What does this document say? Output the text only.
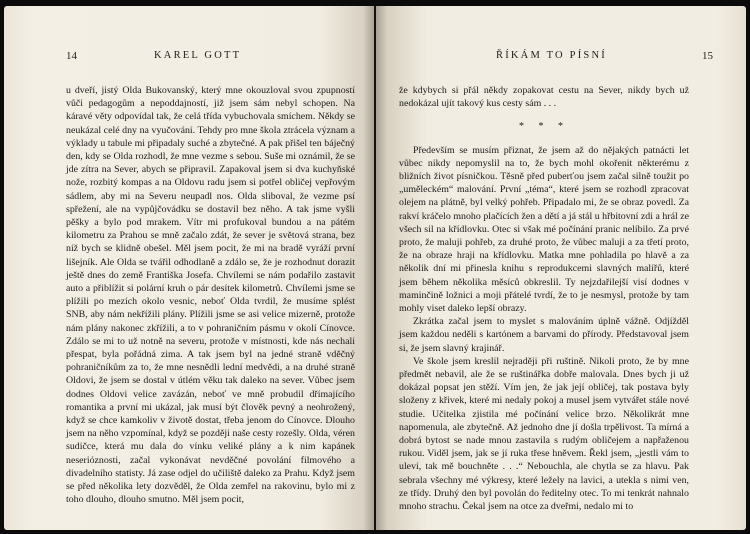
14	KAREL GOTT

u dveří, jistý Olda Bukovanský, který mne okouzloval svou zpupností vůči pedagogům a nepoddajností, již jsem sám nebyl schopen. Na káravé věty odpovídal tak, že celá třída vybuchovala smíchem. Někdy se neukázal celé dny na vyučování. Tehdy pro mne škola ztrácela význam a výklady u tabule mi připadaly suché a zbytečné. A pak přišel ten báječný den, kdy se Olda rozhodl, že mne vezme s sebou. Suše mi oznámil, že se jde zítra na Sever, abych se připravil. Zapakoval jsem si dva kuchyňské nože, rozbitý kompas a na Oldovu radu jsem si potřel obličej vepřovým sádlem, aby mi na Severu neupadl nos. Olda sliboval, že vezme psí spřežení, ale na vypůjčovádku se dostavil bez něho. A tak jsme vyšli pěšky a bylo pod mrakem. Vítr mi profukoval bundou a na pátém kilometru za Prahou se mně začalo zdát, že sever je světová strana, bez níž bych se klidně obešel. Měl jsem pocit, že mi na bradě vyráží první lišejník. Ale Olda se tvářil odhodlaně a zdálo se, že je rozhodnut dorazit ještě dnes do země Františka Josefa. Chvílemi se nám podařilo zastavit auto a přiblížit si polární kruh o pár desítek kilometrů. Chvílemi jsme se plížili po mezích okolo vesnic, neboť Olda tvrdil, že musíme splést SNB, aby nám nekřížili plány. Plížili jsme se asi velice mizerně, protože nám plány nakonec zkřížili, a to v pohraničním pásmu v okolí Cínovce. Zdálo se mi to už notně na severu, protože v místnosti, kde nás nechali přespat, byla pořádná zima. A tak jsem byl na jedné straně vděčný pohraničníkům za to, že mne nesnědli lední medvědi, a na druhé straně Oldovi, že jsem se dostal v útlém věku tak daleko na sever. Vůbec jsem dodnes Oldovi velice zavázán, neboť ve mně probudil dřímajícího romantika a první mi ukázal, jak musí být člověk pevný a neohrožený, když se chce kamkoliv v životě dostat, třeba jenom do Cínovce. Dlouho jsem na něho vzpomínal, když se později naše cesty rozešly. Olda, véren sudičce, která mu dala do vínku veliké plány a k nim kapánek neserióznosti, začal vykonávat nevděčné povolání filmového a divadelního statisty. Já zase odjel do učiliště daleko za Prahu. Když jsem se před několika lety dozvěděl, že Olda zemřel na rakovinu, bylo mi z toho dlouho, dlouho smutno. Měl jsem pocit,

ŘÍKÁM TO PÍSNÍ	15

že kdybych si přál někdy zopakovat cestu na Sever, nikdy bych už nedokázal ujít takový kus cesty sám . . .

* * *

Především se musím přiznat, že jsem až do nějakých patnácti let vůbec nikdy nepomyslil na to, že bych mohl okořenit některému z bližních život písničkou. Těsně před puberťou jsem začal silně toužit po „uměleckém“ malování. První „téma“, které jsem se rozhodl zpracovat olejem na plátně, byl velký pohřeb. Připadalo mi, že se obraz povedl. Za rakví kráčelo mnoho plačících žen a dětí a já stál u hřbitovní zdi a hrál ze všech sil na křídlovku. Otec si však mé počínání pranic nelíbilo. Za prvé proto, že maluji pohřeb, za druhé proto, že vůbec maluji a za třetí proto, že na obraze hraji na křídlovku. Matka mne pohladila po hlavě a za několik dní mi přinesla knihu s reprodukcemi slavných malířů, které jsem během několika měsíců obkreslil. Ty nejzdařilejší visí dodnes v maminčině ložnici a moji přátelé tvrdí, že to je nesmysl, protože by tam mohly viset daleko lepší obrazy.

Zkrátka začal jsem to myslet s malováním úplně vážně. Odjížděl jsem každou neděli s kartónem a barvami do přírody. Představoval jsem si, že jsem slavný krajinář.

Ve škole jsem kreslil nejraději při ruštině. Nikoli proto, že by mne předmět nebavil, ale že se ruštinářka dobře malovala. Dnes bych ji už dokázal popsat jen stěží. Vím jen, že jak její obličej, tak postava byly složeny z křivek, které mi nedaly pokoj a musel jsem vytvářet stále nové studie. Učitelka zjistila mé počínání velice brzo. Několikrát mne napomenula, ale zbytečně. Až jednoho dne jí došla trpělivost. Ta mírná a dobrá bytost se nade mnou zastavila s rudým obličejem a napřaženou rukou. Viděl jsem, jak se jí ruka třese hněvem. Řekl jsem, „jestli vám to uleví, tak mě bouchněte . . .“ Nebouchla, ale chytla se za hlavu. Pak sebrala všechny mé výkresy, které ležely na lavici, a utekla s nimi ven, ze třídy. Druhý den byl povolán do ředitelny otec. To mi tenkrát nahnalo mnoho strachu. Čekal jsem na otce za dveřmi, nedalo mi to
